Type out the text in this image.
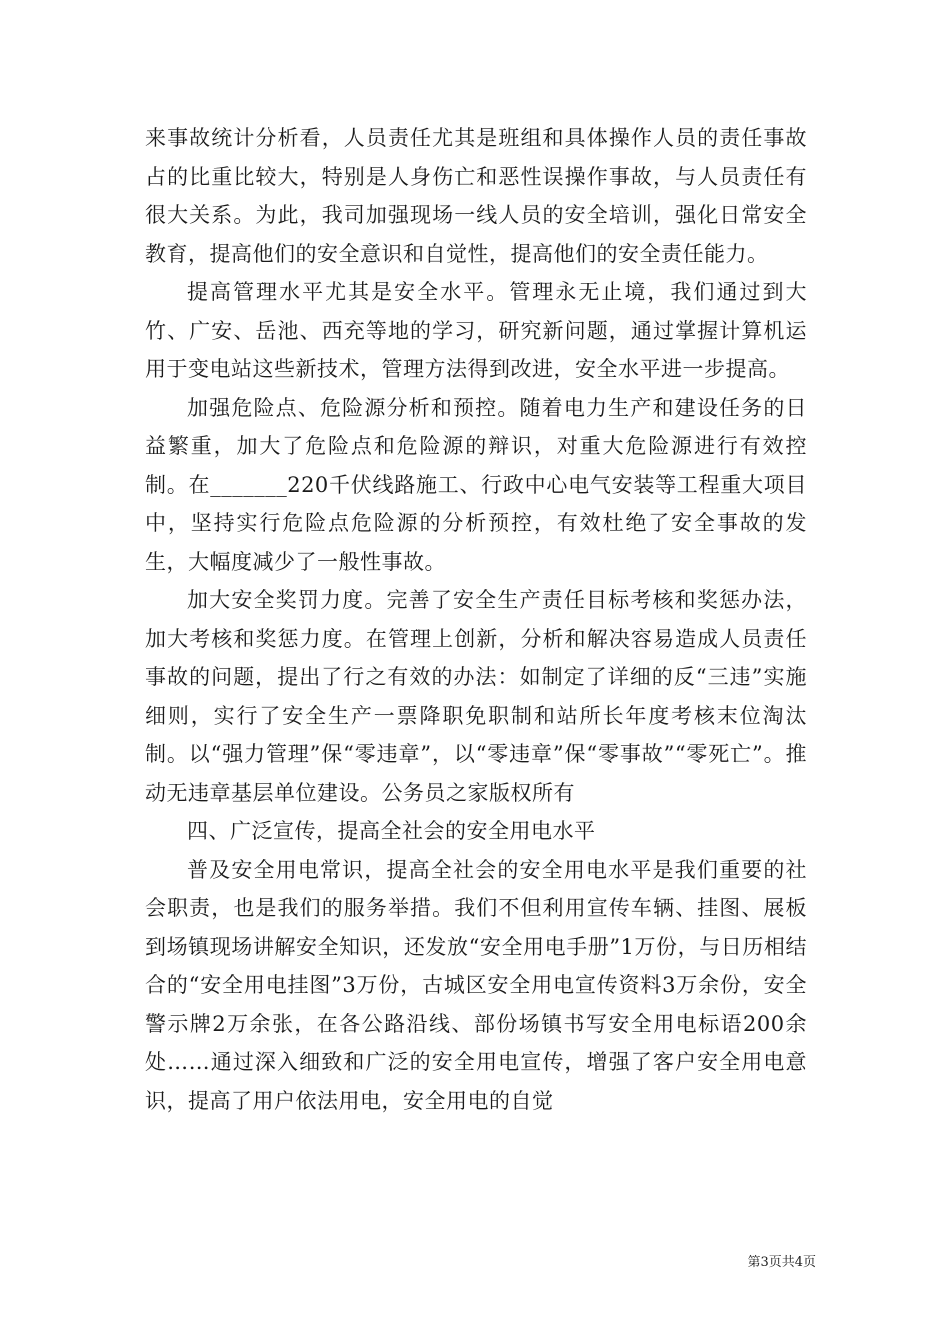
来事故统计分析看，人员责任尤其是班组和具体操作人员的责任事故占的比重比较大，特别是人身伤亡和恶性误操作事故，与人员责任有很大关系。为此，我司加强现场一线人员的安全培训，强化日常安全教育，提高他们的安全意识和自觉性，提高他们的安全责任能力。

提高管理水平尤其是安全水平。管理永无止境，我们通过到大竹、广安、岳池、西充等地的学习，研究新问题，通过掌握计算机运用于变电站这些新技术，管理方法得到改进，安全水平进一步提高。

加强危险点、危险源分析和预控。随着电力生产和建设任务的日益繁重，加大了危险点和危险源的辩识，对重大危险源进行有效控制。在_______220千伏线路施工、行政中心电气安装等工程重大项目中，坚持实行危险点危险源的分析预控，有效杜绝了安全事故的发生，大幅度减少了一般性事故。

加大安全奖罚力度。完善了安全生产责任目标考核和奖惩办法，加大考核和奖惩力度。在管理上创新，分析和解决容易造成人员责任事故的问题，提出了行之有效的办法：如制定了详细的反“三违”实施细则，实行了安全生产一票降职免职制和站所长年度考核末位淘汰制。以“强力管理”保“零违章”，以“零违章”保“零事故”“零死亡”。推动无违章基层单位建设。公务员之家版权所有

四、广泛宣传，提高全社会的安全用电水平

普及安全用电常识，提高全社会的安全用电水平是我们重要的社会职责，也是我们的服务举措。我们不但利用宣传车辆、挂图、展板到场镇现场讲解安全知识，还发放“安全用电手册”1万份，与日历相结合的“安全用电挂图”3万份，古城区安全用电宣传资料3万余份，安全警示牌2万余张，在各公路沿线、部份场镇书写安全用电标语200余处……通过深入细致和广泛的安全用电宣传，增强了客户安全用电意识，提高了用户依法用电，安全用电的自觉

第3页共4页
